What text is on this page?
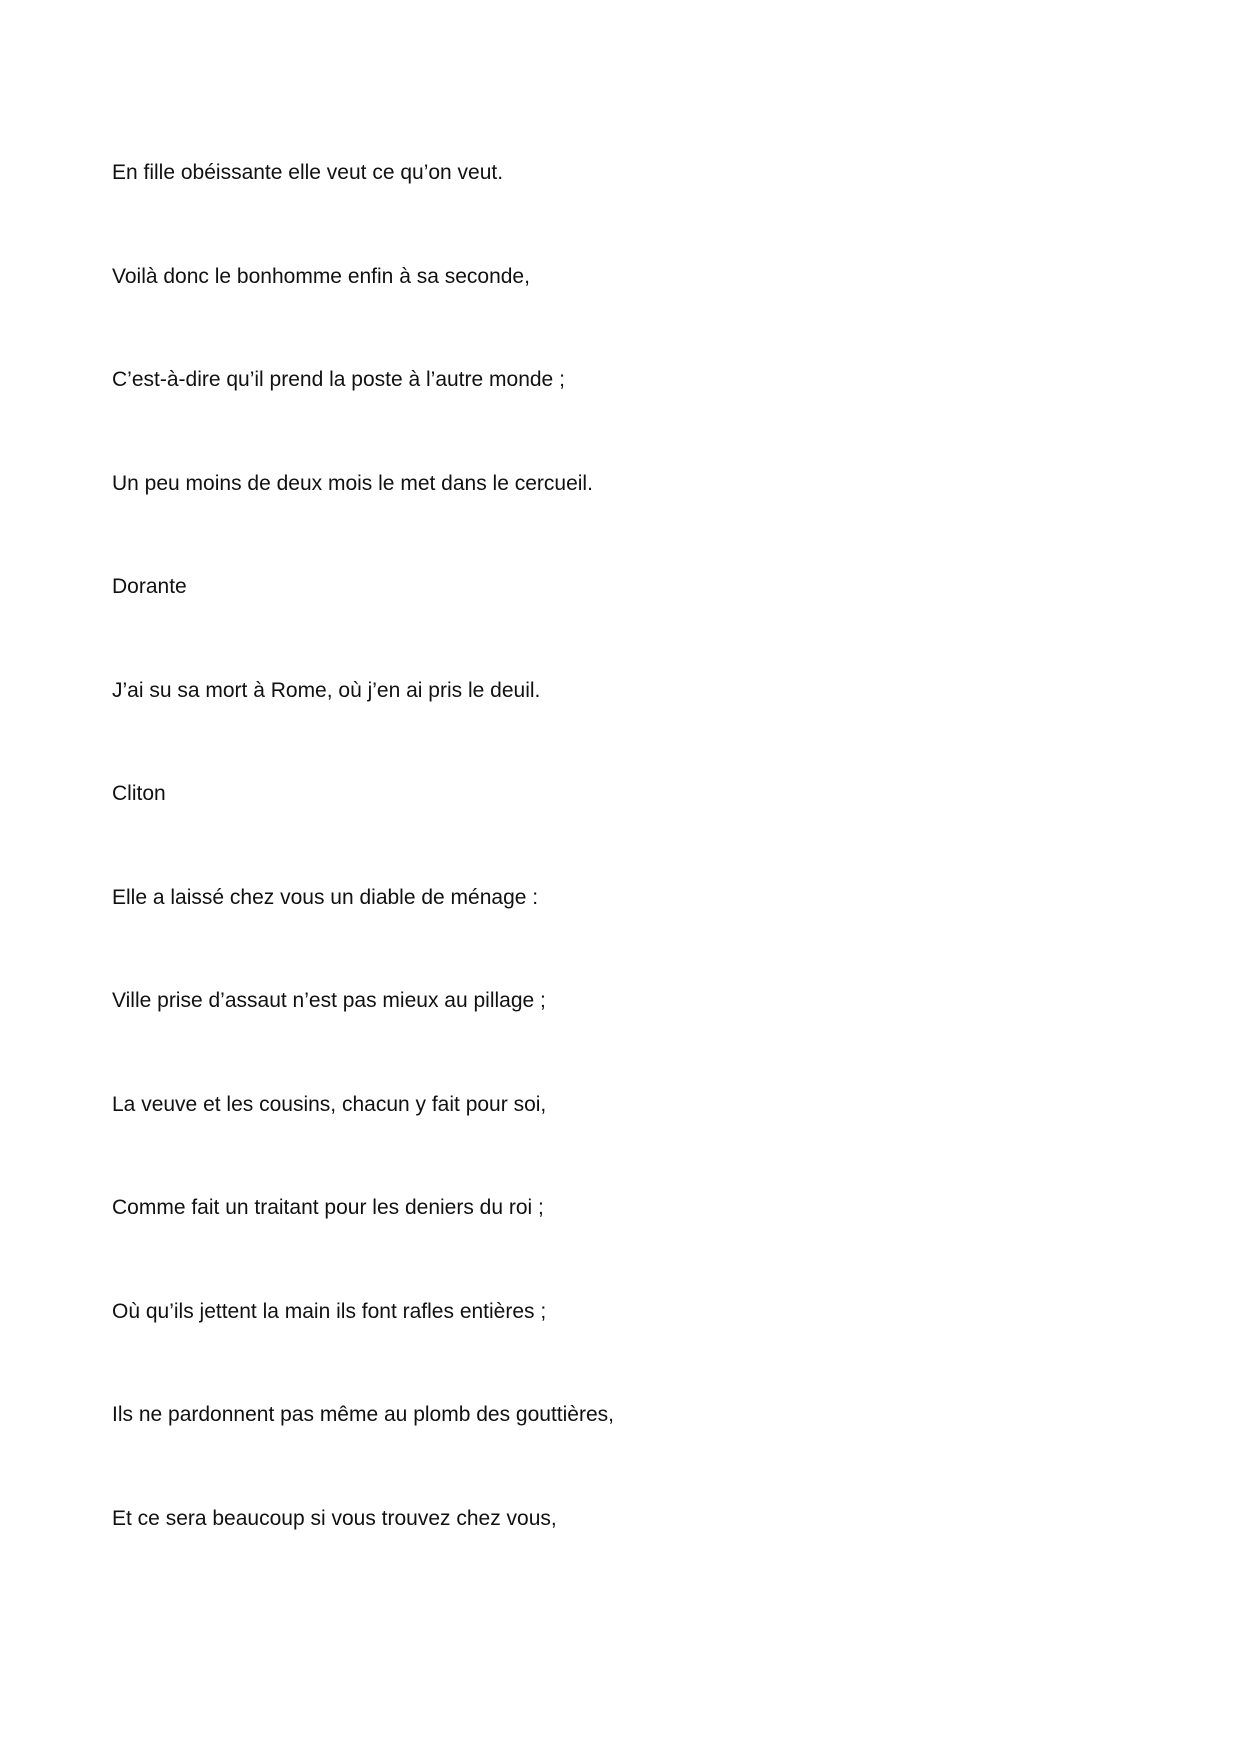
En fille obéissante elle veut ce qu’on veut.
Voilà donc le bonhomme enfin à sa seconde,
C’est-à-dire qu’il prend la poste à l’autre monde ;
Un peu moins de deux mois le met dans le cercueil.
Dorante
J’ai su sa mort à Rome, où j’en ai pris le deuil.
Cliton
Elle a laissé chez vous un diable de ménage :
Ville prise d’assaut n’est pas mieux au pillage ;
La veuve et les cousins, chacun y fait pour soi,
Comme fait un traitant pour les deniers du roi ;
Où qu’ils jettent la main ils font rafles entières ;
Ils ne pardonnent pas même au plomb des gouttières,
Et ce sera beaucoup si vous trouvez chez vous,
